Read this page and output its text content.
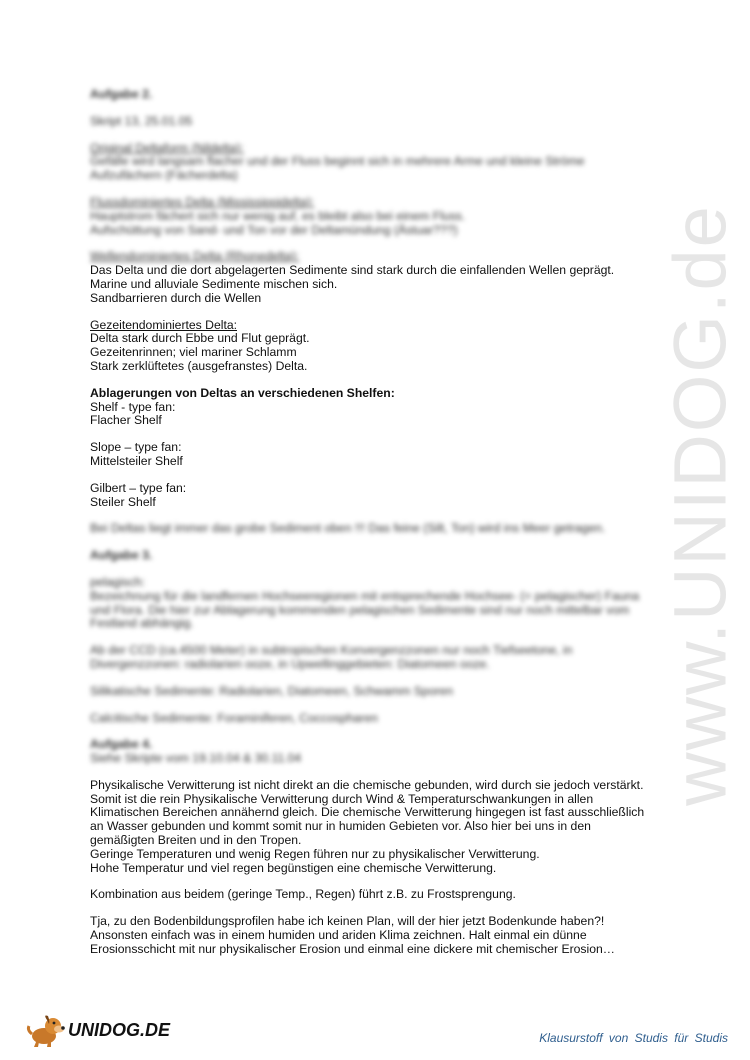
www.UNIDOG.de

Aufgabe 2.

Skript 13, 25.01.05

Original Deltaform (Nildelta):

Gefälle wird langsam flacher und der Fluss beginnt sich in mehrere Arme und kleine Ströme

Aufzufächern (Fächerdelta)

Flussdominiertes Delta (Mississippidelta):

Hauptstrom fächert sich nur wenig auf, es bleibt also bei einem Fluss.

Aufschüttung von Sand- und Ton vor der Deltamündung (Ästuar???)

Wellendominiertes Delta (Rhonedelta):

Das Delta und die dort abgelagerten Sedimente sind stark durch die einfallenden Wellen geprägt.

Marine und alluviale Sedimente mischen sich.

Sandbarrieren durch die Wellen

Gezeitendominiertes Delta:

Delta stark durch Ebbe und Flut geprägt.

Gezeitenrinnen; viel mariner Schlamm

Stark zerklüftetes (ausgefranstes) Delta.

Ablagerungen von Deltas an verschiedenen Shelfen:

Shelf - type fan:

Flacher Shelf

Slope – type fan:

Mittelsteiler Shelf

Gilbert – type fan:

Steiler Shelf

Bei Deltas liegt immer das grobe Sediment oben !!! Das feine (Silt, Ton) wird ins Meer getragen.

Aufgabe 3.

pelagisch:

Bezeichnung für die landfernen Hochseeregionen mit entsprechende Hochsee- (= pelagischer) Fauna

und Flora. Die hier zur Ablagerung kommenden pelagischen Sedimente sind nur noch mittelbar vom

Festland abhängig.

Ab der CCD (ca.4500 Meter) in subtropischen Konvergenzzonen nur noch Tiefseetone, in

Divergenzzonen: radiolarien ooze, in Upwellinggebieten: Diatomeen ooze.

Silikatische Sedimente: Radiolarien, Diatomeen, Schwamm Sporen

Calcitische Sedimente: Foraminiferen, Coccospharen

Aufgabe 4.

Siehe Skripte vom 19.10.04 & 30.11.04

Physikalische Verwitterung ist nicht direkt an die chemische gebunden, wird durch sie jedoch verstärkt.

Somit ist die rein Physikalische Verwitterung durch Wind & Temperaturschwankungen in allen

Klimatischen Bereichen annähernd gleich. Die chemische Verwitterung hingegen ist fast ausschließlich

an Wasser gebunden und kommt somit nur in humiden Gebieten vor. Also hier bei uns in den

gemäßigten Breiten und in den Tropen.

Geringe Temperaturen und wenig Regen führen nur zu physikalischer Verwitterung.

Hohe Temperatur und viel regen begünstigen eine chemische Verwitterung.

Kombination aus beidem (geringe Temp., Regen) führt z.B. zu Frostsprengung.

Tja, zu den Bodenbildungsprofilen habe ich keinen Plan, will der hier jetzt Bodenkunde haben?!

Ansonsten einfach was in einem humiden und ariden Klima zeichnen. Halt einmal ein dünne

Erosionsschicht mit nur physikalischer Erosion und einmal eine dickere mit chemischer Erosion…

UNIDOG.DE	Klausurstoff von Studis für Studis
